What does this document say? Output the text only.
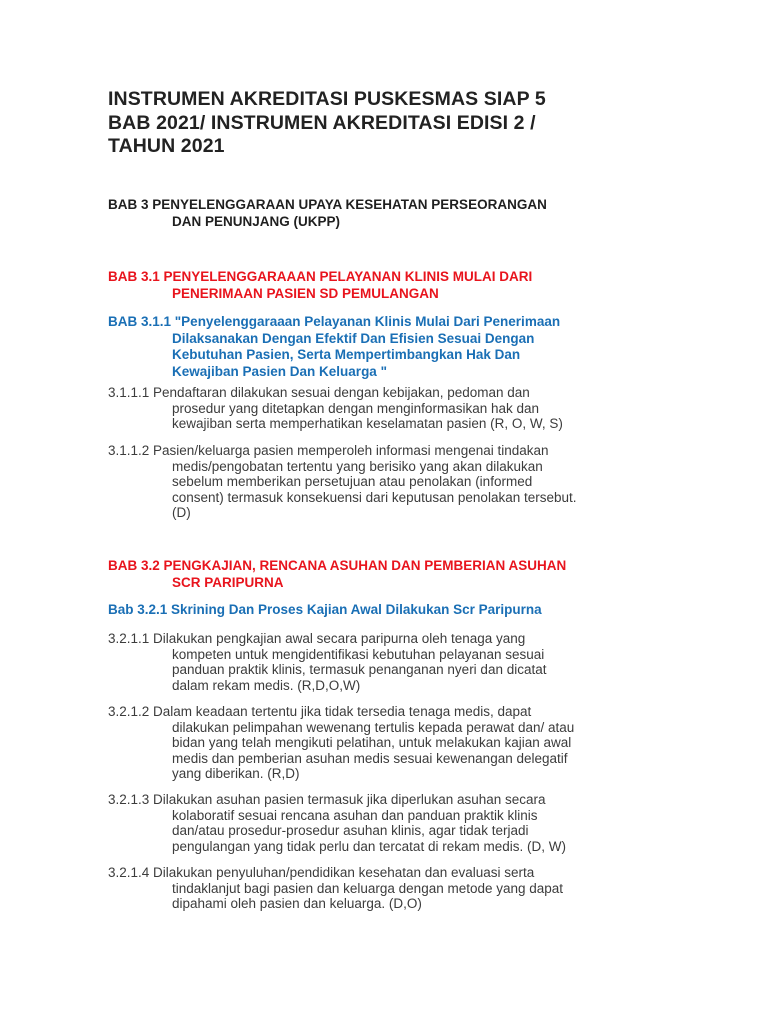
INSTRUMEN AKREDITASI PUSKESMAS SIAP 5
BAB 2021/ INSTRUMEN AKREDITASI EDISI 2 /
TAHUN 2021
BAB 3 PENYELENGGARAAN UPAYA KESEHATAN PERSEORANGAN
DAN PENUNJANG (UKPP)
BAB 3.1 PENYELENGGARAAAN PELAYANAN KLINIS MULAI DARI
PENERIMAAN PASIEN SD PEMULANGAN
BAB 3.1.1 "Penyelenggaraaan Pelayanan Klinis Mulai Dari Penerimaan
Dilaksanakan Dengan Efektif Dan Efisien Sesuai Dengan
Kebutuhan Pasien, Serta Mempertimbangkan Hak Dan
Kewajiban Pasien Dan Keluarga "
3.1.1.1 Pendaftaran dilakukan sesuai dengan kebijakan, pedoman dan
prosedur yang ditetapkan dengan menginformasikan hak dan
kewajiban serta memperhatikan keselamatan pasien (R, O, W, S)
3.1.1.2 Pasien/keluarga pasien memperoleh informasi mengenai tindakan
medis/pengobatan tertentu yang berisiko yang akan dilakukan
sebelum memberikan persetujuan atau penolakan (informed
consent) termasuk konsekuensi dari keputusan penolakan tersebut.
(D)
BAB 3.2 PENGKAJIAN, RENCANA ASUHAN DAN PEMBERIAN ASUHAN
SCR PARIPURNA
Bab 3.2.1 Skrining Dan Proses Kajian Awal Dilakukan Scr Paripurna
3.2.1.1 Dilakukan pengkajian awal secara paripurna oleh tenaga yang
kompeten untuk mengidentifikasi kebutuhan pelayanan sesuai
panduan praktik klinis, termasuk penanganan nyeri dan dicatat
dalam rekam medis. (R,D,O,W)
3.2.1.2 Dalam keadaan tertentu jika tidak tersedia tenaga medis, dapat
dilakukan pelimpahan wewenang tertulis kepada perawat dan/ atau
bidan yang telah mengikuti pelatihan, untuk melakukan kajian awal
medis dan pemberian asuhan medis sesuai kewenangan delegatif
yang diberikan. (R,D)
3.2.1.3 Dilakukan asuhan pasien termasuk jika diperlukan asuhan secara
kolaboratif sesuai rencana asuhan dan panduan praktik klinis
dan/atau prosedur-prosedur asuhan klinis, agar tidak terjadi
pengulangan yang tidak perlu dan tercatat di rekam medis. (D, W)
3.2.1.4 Dilakukan penyuluhan/pendidikan kesehatan dan evaluasi serta
tindaklanjut bagi pasien dan keluarga dengan metode yang dapat
dipahami oleh pasien dan keluarga. (D,O)
